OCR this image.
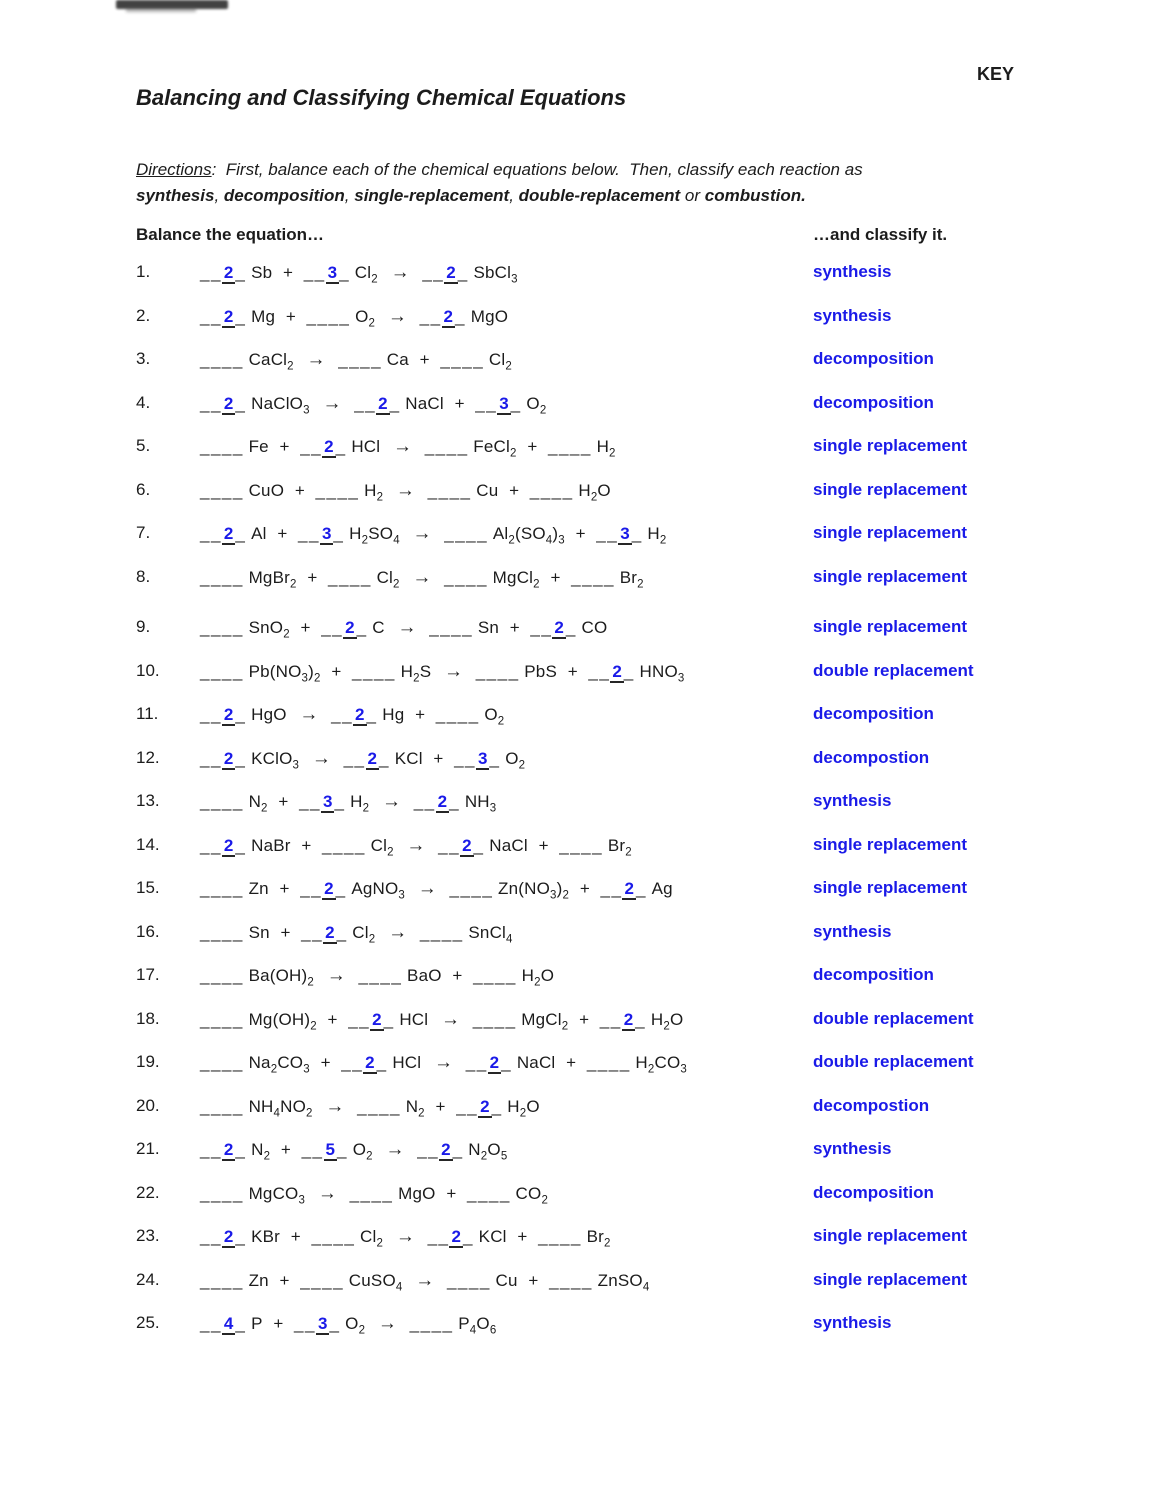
KEY
Balancing and Classifying Chemical Equations

Directions:  First, balance each of the chemical equations below.  Then, classify each reaction as
synthesis, decomposition, single-replacement, double-replacement or combustion.

Balance the equation…	…and classify it.
1.	__ 2 _ Sb + __ 3 _ $Cl_2$ → __ 2 _ SbCl$_3$	synthesis
2.	__ 2 _ Mg + ____ $O_2$ → __ 2 _ MgO	synthesis
3.	____ CaCl$_2$ → ____ Ca + ____ $Cl_2$	decomposition
4.	__ 2 _ NaClO$_3$ → __ 2 _ NaCl + __ 3 _ $O_2$	decomposition
5.	____ Fe + __ 2 _ HCl → ____ FeCl$_2$ + ____ $H_2$	single replacement
6.	____ CuO + ____ $H_2$ → ____ Cu + ____ $H_2O$	single replacement
7.	__ 2 _ Al + __ 3 _ $H_2SO_4$ → ____ $Al_2(SO_4)_3$ + __ 3 _ $H_2$	single replacement
8.	____ MgBr$_2$ + ____ $Cl_2$ → ____ MgCl$_2$ + ____ $Br_2$	single replacement
9.	____ SnO$_2$ + __ 2 _ C → ____ Sn + __ 2 _ CO	single replacement
10. ____ $Pb(NO_3)_2$ + ____ $H_2S$ → ____ PbS + __ 2 _ $HNO_3$	double replacement
11. __ 2 _ HgO → __ 2 _ Hg + ____ $O_2$	decomposition
12. __ 2 _ KClO$_3$ → __ 2 _ KCl + __ 3 _ $O_2$	decompostion
13. ____ $N_2$ + __ 3 _ $H_2$ → __ 2 _ $NH_3$	synthesis
14. __ 2 _ NaBr + ____ $Cl_2$ → __ 2 _ NaCl + ____ $Br_2$	single replacement
15. ____ Zn + __ 2 _ AgNO$_3$ → ____ $Zn(NO_3)_2$ + __ 2 _ Ag	single replacement
16. ____ Sn + __ 2 _ $Cl_2$ → ____ SnCl$_4$	synthesis
17. ____ $Ba(OH)_2$ → ____ BaO + ____ $H_2O$	decomposition
18. ____ $Mg(OH)_2$ + __ 2 _ HCl → ____ MgCl$_2$ + __ 2 _ $H_2O$	double replacement
19. ____ $Na_2CO_3$ + __ 2 _ HCl → __ 2 _ NaCl + ____ $H_2CO_3$	double replacement
20. ____ $NH_4NO_2$ → ____ $N_2$ + __ 2 _ $H_2O$	decompostion
21. __ 2 _ $N_2$ + __ 5 _ $O_2$ → __ 2 _ $N_2O_5$	synthesis
22. ____ MgCO$_3$ → ____ MgO + ____ $CO_2$	decomposition
23. __ 2 _ KBr + ____ $Cl_2$ → __ 2 _ KCl + ____ $Br_2$	single replacement
24. ____ Zn + ____ CuSO$_4$ → ____ Cu + ____ ZnSO$_4$	single replacement
25. __ 4 _ P + __ 3 _ $O_2$ → ____ $P_4O_6$	synthesis
